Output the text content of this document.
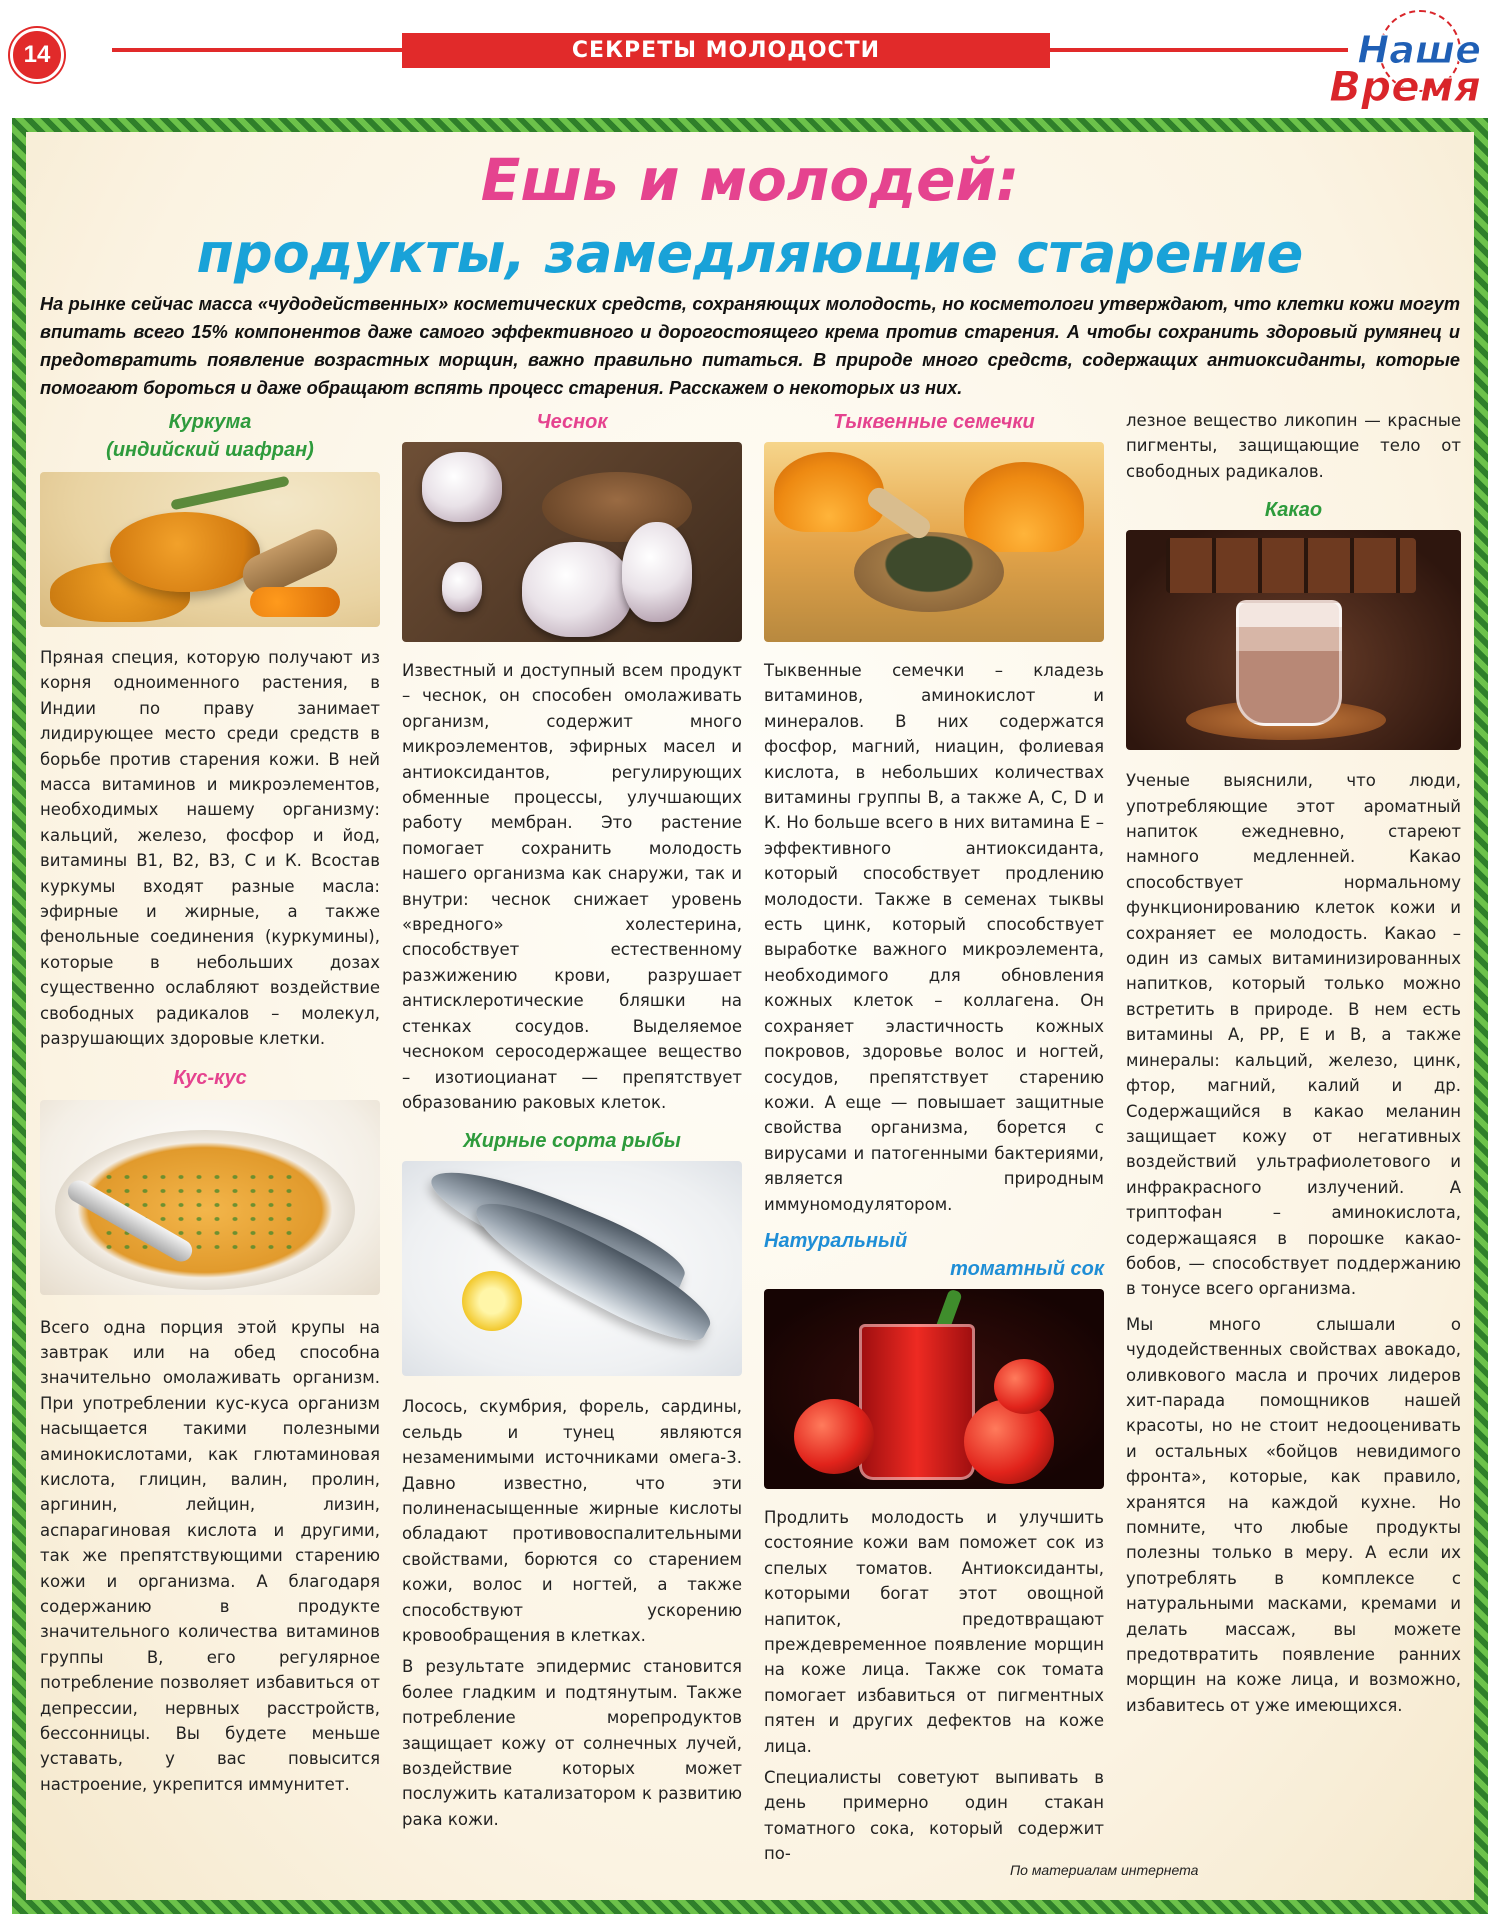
14	СЕКРЕТЫ МОЛОДОСТИ	Наше
Время
Ешь и молодей:
продукты, замедляющие старение
На рынке сейчас масса «чудодейственных» косметических средств, сохраняющих молодость, но косметологи утверждают, что клетки кожи могут впитать всего 15% компонентов даже самого эффективного и дорогостоящего крема против старения. А чтобы сохранить здоровый румянец и предотвратить появление возрастных морщин, важно правильно питаться. В природе много средств, содержащих антиоксиданты, которые помогают бороться и даже обращают вспять процесс старения. Расскажем о некоторых из них.
Куркума
(индийский шафран)

Пряная специя, которую получают из корня одноименного растения, в Индии по праву занимает лидирующее место среди средств в борьбе против старения кожи. В ней масса витаминов и микроэлементов, необходимых нашему организму: кальций, железо, фосфор и йод, витамины В1, В2, В3, С и К. Всостав куркумы входят разные масла: эфирные и жирные, а также фенольные соединения (куркумины), которые в небольших дозах существенно ослабляют воздействие свободных радикалов – молекул, разрушающих здоровые клетки.

Кус-кус

Всего одна порция этой крупы на завтрак или на обед способна значительно омолаживать организм. При употреблении кус-куса организм насыщается такими полезными аминокислотами, как глютаминовая кислота, глицин, валин, пролин, аргинин, лейцин, лизин, аспарагиновая кислота и другими, так же препятствующими старению кожи и организма. А благодаря содержанию в продукте значительного количества витаминов группы В, его регулярное потребление позволяет избавиться от депрессии, нервных расстройств, бессонницы. Вы будете меньше уставать, у вас повысится настроение, укрепится иммунитет.

Чеснок

Известный и доступный всем продукт – чеснок, он способен омолаживать организм, содержит много микроэлементов, эфирных масел и антиоксидантов, регулирующих обменные процессы, улучшающих работу мембран. Это растение помогает сохранить молодость нашего организма как снаружи, так и внутри: чеснок снижает уровень «вредного» холестерина, способствует естественному разжижению крови, разрушает антисклеротические бляшки на стенках сосудов. Выделяемое чесноком серосодержащее вещество – изотиоцианат — препятствует образованию раковых клеток.

Жирные сорта рыбы

Лосось, скумбрия, форель, сардины, сельдь и тунец являются незаменимыми источниками омега-3. Давно известно, что эти полиненасыщенные жирные кислоты обладают противовоспалительными свойствами, борются со старением кожи, волос и ногтей, а также способствуют ускорению кровообращения в клетках.

В результате эпидермис становится более гладким и подтянутым. Также потребление морепродуктов защищает кожу от солнечных лучей, воздействие которых может послужить катализатором к развитию рака кожи.

Тыквенные семечки

Тыквенные семечки – кладезь витаминов, аминокислот и минералов. В них содержатся фосфор, магний, ниацин, фолиевая кислота, в небольших количествах витамины группы В, а также А, С, D и К. Но больше всего в них витамина Е – эффективного антиоксиданта, который способствует продлению молодости. Также в семенах тыквы есть цинк, который способствует выработке важного микроэлемента, необходимого для обновления кожных клеток – коллагена. Он сохраняет эластичность кожных покровов, здоровье волос и ногтей, сосудов, препятствует старению кожи. А еще — повышает защитные свойства организма, борется с вирусами и патогенными бактериями, является природным иммуномодулятором.

Натуральный
томатный сок

Продлить молодость и улучшить состояние кожи вам поможет сок из спелых томатов. Антиоксиданты, которыми богат этот овощной напиток, предотвращают преждевременное появление морщин на коже лица. Также сок томата помогает избавиться от пигментных пятен и других дефектов на коже лица.

Специалисты советуют выпивать в день примерно один стакан томатного сока, который содержит по-

лезное вещество ликопин — красные пигменты, защищающие тело от свободных радикалов.

Какао

Ученые выяснили, что люди, употребляющие этот ароматный напиток ежедневно, стареют намного медленней. Какао способствует нормальному функционированию клеток кожи и сохраняет ее молодость. Какао – один из самых витаминизированных напитков, который только можно встретить в природе. В нем есть витамины А, РР, Е и В, а также минералы: кальций, железо, цинк, фтор, магний, калий и др. Содержащийся в какао меланин защищает кожу от негативных воздействий ультрафиолетового и инфракрасного излучений. А триптофан – аминокислота, содержащаяся в порошке какао-бобов, — способствует поддержанию в тонусе всего организма.

Мы много слышали о чудодейственных свойствах авокадо, оливкового масла и прочих лидеров хит-парада помощников нашей красоты, но не стоит недооценивать и остальных «бойцов невидимого фронта», которые, как правило, хранятся на каждой кухне. Но помните, что любые продукты полезны только в меру. А если их употреблять в комплексе с натуральными масками, кремами и делать массаж, вы можете предотвратить появление ранних морщин на коже лица, и возможно, избавитесь от уже имеющихся.

По материалам интернета
